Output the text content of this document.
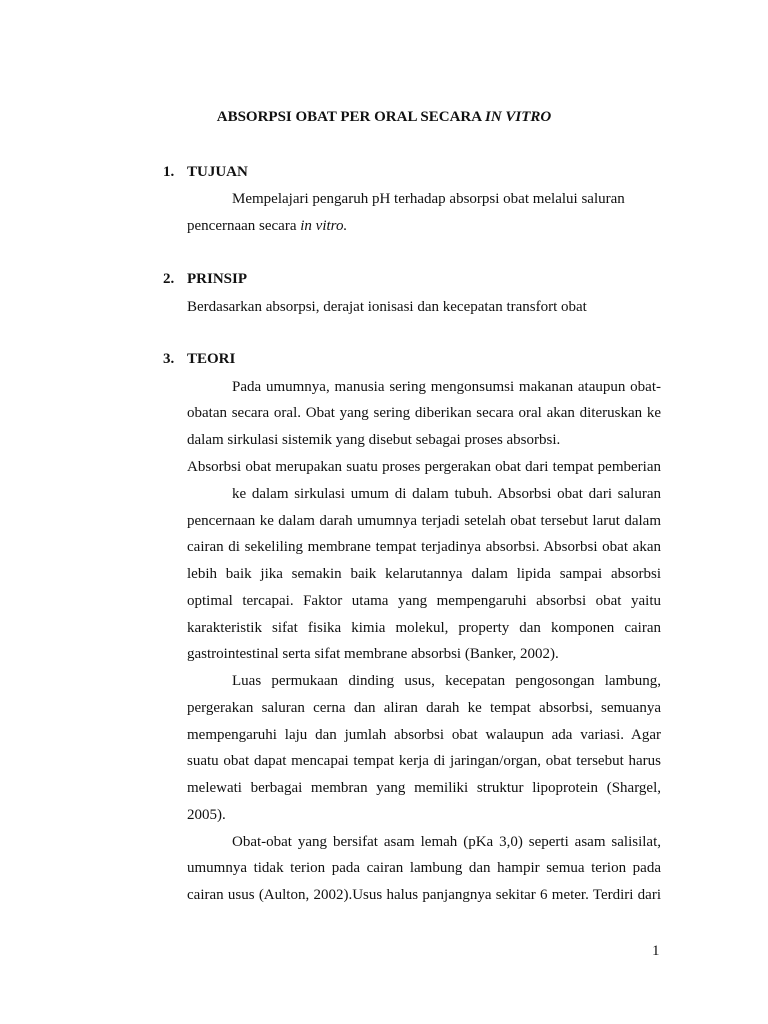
ABSORPSI OBAT PER ORAL SECARA IN VITRO
1. TUJUAN
Mempelajari pengaruh pH terhadap absorpsi obat melalui saluran
pencernaan secara in vitro.
2. PRINSIP
Berdasarkan absorpsi, derajat ionisasi dan kecepatan transfort obat
3. TEORI
Pada umumnya, manusia sering mengonsumsi makanan ataupun obat-
obatan secara oral. Obat yang sering diberikan secara oral akan diteruskan ke
dalam sirkulasi sistemik yang disebut sebagai proses absorbsi.
Absorbsi obat merupakan suatu proses pergerakan obat dari tempat pemberian
ke dalam sirkulasi umum di dalam tubuh. Absorbsi obat dari saluran
pencernaan ke dalam darah umumnya terjadi setelah obat tersebut larut dalam
cairan di sekeliling membrane tempat terjadinya absorbsi. Absorbsi obat akan
lebih baik jika semakin baik kelarutannya dalam lipida sampai absorbsi
optimal tercapai. Faktor utama yang mempengaruhi absorbsi obat yaitu
karakteristik sifat fisika kimia molekul, property dan komponen cairan
gastrointestinal serta sifat membrane absorbsi (Banker, 2002).
Luas permukaan dinding usus, kecepatan pengosongan lambung,
pergerakan saluran cerna dan aliran darah ke tempat absorbsi, semuanya
mempengaruhi laju dan jumlah absorbsi obat walaupun ada variasi. Agar
suatu obat dapat mencapai tempat kerja di jaringan/organ, obat tersebut harus
melewati berbagai membran yang memiliki struktur lipoprotein (Shargel,
2005).
Obat-obat yang bersifat asam lemah (pKa 3,0) seperti asam salisilat,
umumnya tidak terion pada cairan lambung dan hampir semua terion pada
cairan usus (Aulton, 2002).Usus halus panjangnya sekitar 6 meter. Terdiri dari
1
